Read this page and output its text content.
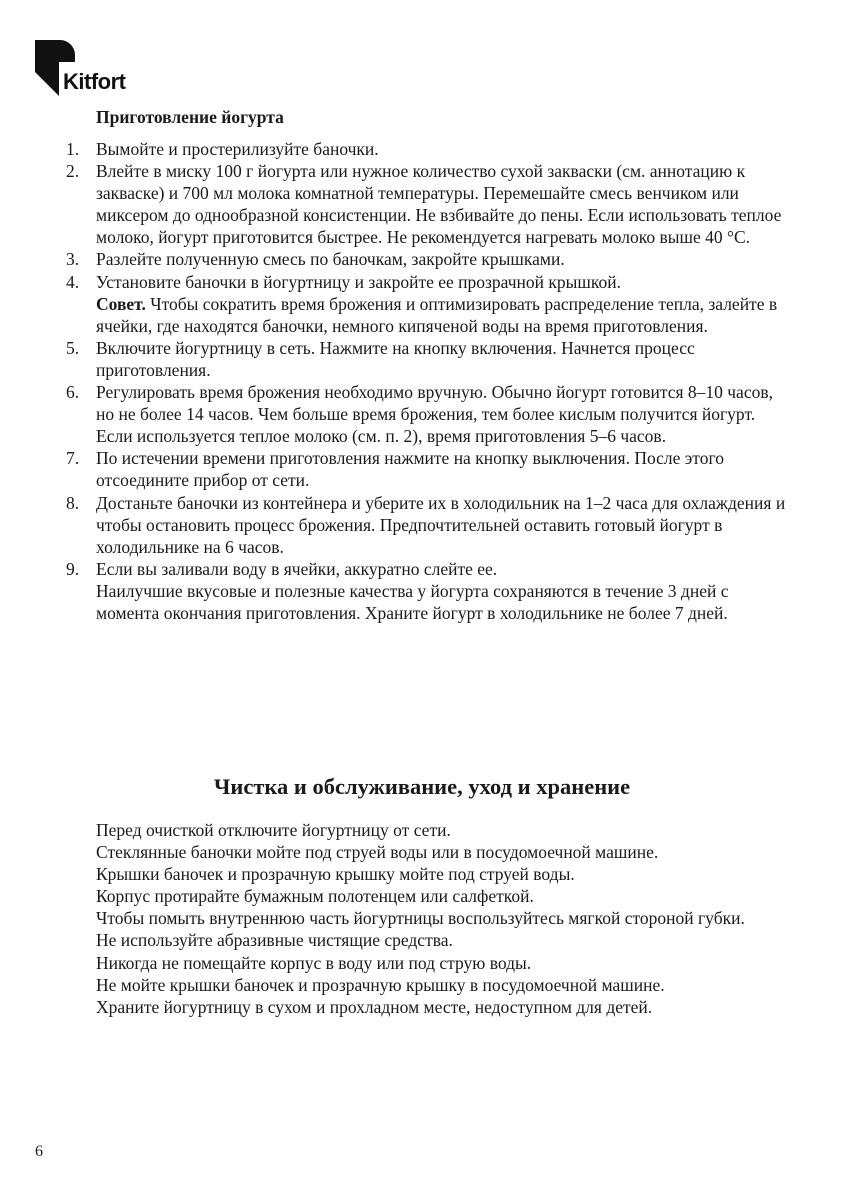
Kitfort
Приготовление йогурта
1. Вымойте и простерилизуйте баночки.

2. Влейте в миску 100 г йогурта или нужное количество сухой закваски (см. аннотацию к закваске) и 700 мл молока комнатной температуры. Перемешайте смесь венчиком или миксером до однообразной консистенции. Не взбивайте до пены. Если использовать теплое молоко, йогурт приготовится быстрее. Не рекомендуется нагревать молоко выше 40 °C.

3. Разлейте полученную смесь по баночкам, закройте крышками.

4. Установите баночки в йогуртницу и закройте ее прозрачной крышкой.

Совет. Чтобы сократить время брожения и оптимизировать распределение тепла, залейте в ячейки, где находятся баночки, немного кипяченой воды на время приготовления.

5. Включите йогуртницу в сеть. Нажмите на кнопку включения. Начнется процесс приготовления.

6. Регулировать время брожения необходимо вручную. Обычно йогурт готовится 8–10 часов, но не более 14 часов. Чем больше время брожения, тем более кислым получится йогурт. Если используется теплое молоко (см. п. 2), время приготовления 5–6 часов.

7. По истечении времени приготовления нажмите на кнопку выключения. После этого отсоедините прибор от сети.

8. Достаньте баночки из контейнера и уберите их в холодильник на 1–2 часа для охлаждения и чтобы остановить процесс брожения. Предпочтительней оставить готовый йогурт в холодильнике на 6 часов.

9. Если вы заливали воду в ячейки, аккуратно слейте ее.

Наилучшие вкусовые и полезные качества у йогурта сохраняются в течение 3 дней с момента окончания приготовления. Храните йогурт в холодильнике не более 7 дней.

Чистка и обслуживание, уход и хранение

Перед очисткой отключите йогуртницу от сети.

Стеклянные баночки мойте под струей воды или в посудомоечной машине.

Крышки баночек и прозрачную крышку мойте под струей воды.

Корпус протирайте бумажным полотенцем или салфеткой.

Чтобы помыть внутреннюю часть йогуртницы воспользуйтесь мягкой стороной губки.

Не используйте абразивные чистящие средства.

Никогда не помещайте корпус в воду или под струю воды.

Не мойте крышки баночек и прозрачную крышку в посудомоечной машине.

Храните йогуртницу в сухом и прохладном месте, недоступном для детей.

6
